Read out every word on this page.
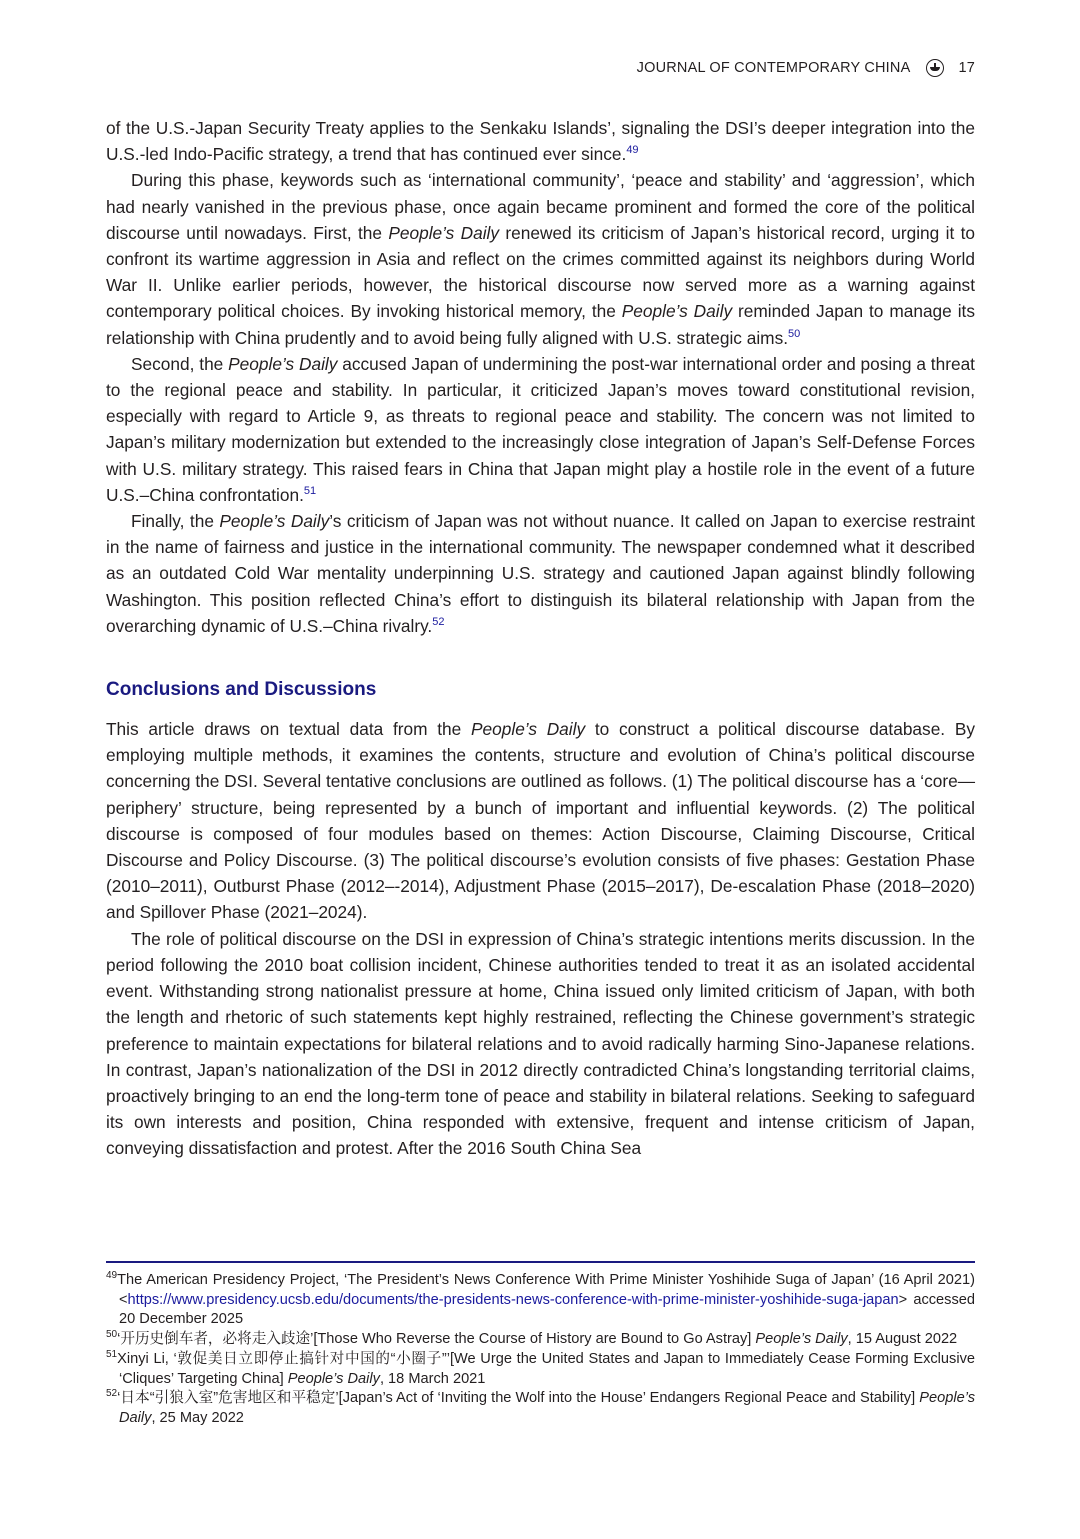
JOURNAL OF CONTEMPORARY CHINA	17

of the U.S.-Japan Security Treaty applies to the Senkaku Islands’, signaling the DSI’s deeper integration into the U.S.-led Indo-Pacific strategy, a trend that has continued ever since.$^{49}$

During this phase, keywords such as ‘international community’, ‘peace and stability’ and ‘aggression’, which had nearly vanished in the previous phase, once again became prominent and formed the core of the political discourse until nowadays. First, the People’s Daily renewed its criticism of Japan’s historical record, urging it to confront its wartime aggression in Asia and reflect on the crimes committed against its neighbors during World War II. Unlike earlier periods, however, the historical discourse now served more as a warning against contemporary political choices. By invoking historical memory, the People’s Daily reminded Japan to manage its relationship with China prudently and to avoid being fully aligned with U.S. strategic aims.$^{50}$

Second, the People’s Daily accused Japan of undermining the post-war international order and posing a threat to the regional peace and stability. In particular, it criticized Japan’s moves toward constitutional revision, especially with regard to Article 9, as threats to regional peace and stability. The concern was not limited to Japan’s military modernization but extended to the increasingly close integration of Japan’s Self-Defense Forces with U.S. military strategy. This raised fears in China that Japan might play a hostile role in the event of a future U.S.–China confrontation.$^{51}$

Finally, the People’s Daily’s criticism of Japan was not without nuance. It called on Japan to exercise restraint in the name of fairness and justice in the international community. The newspaper condemned what it described as an outdated Cold War mentality underpinning U.S. strategy and cautioned Japan against blindly following Washington. This position reflected China’s effort to distinguish its bilateral relationship with Japan from the overarching dynamic of U.S.–China rivalry.$^{52}$

Conclusions and Discussions

This article draws on textual data from the People’s Daily to construct a political discourse database. By employing multiple methods, it examines the contents, structure and evolution of China’s political discourse concerning the DSI. Several tentative conclusions are outlined as follows. (1) The political discourse has a ‘core—periphery’ structure, being represented by a bunch of important and influential keywords. (2) The political discourse is composed of four modules based on themes: Action Discourse, Claiming Discourse, Critical Discourse and Policy Discourse. (3) The political discourse’s evolution consists of five phases: Gestation Phase (2010–2011), Outburst Phase (2012–-2014), Adjustment Phase (2015–2017), De-escalation Phase (2018–2020) and Spillover Phase (2021–2024).

The role of political discourse on the DSI in expression of China’s strategic intentions merits discussion. In the period following the 2010 boat collision incident, Chinese authorities tended to treat it as an isolated accidental event. Withstanding strong nationalist pressure at home, China issued only limited criticism of Japan, with both the length and rhetoric of such statements kept highly restrained, reflecting the Chinese government’s strategic preference to maintain expectations for bilateral relations and to avoid radically harming Sino-Japanese relations. In contrast, Japan’s nationalization of the DSI in 2012 directly contradicted China’s longstanding territorial claims, proactively bringing to an end the long-term tone of peace and stability in bilateral relations. Seeking to safeguard its own interests and position, China responded with extensive, frequent and intense criticism of Japan, conveying dissatisfaction and protest. After the 2016 South China Sea

$^{49}$The American Presidency Project, ‘The President’s News Conference With Prime Minister Yoshihide Suga of Japan’ (16 April 2021) <https://www.presidency.ucsb.edu/documents/the-presidents-news-conference-with-prime-minister-yoshihide-suga-japan> accessed 20 December 2025

$^{50}$‘开历史倒车者，必将走入歧途’[Those Who Reverse the Course of History are Bound to Go Astray] People’s Daily, 15 August 2022

$^{51}$Xinyi Li, ‘敦促美日立即停止搞针对中国的“小圈子”’[We Urge the United States and Japan to Immediately Cease Forming Exclusive ‘Cliques’ Targeting China] People’s Daily, 18 March 2021

$^{52}$‘日本“引狼入室”危害地区和平稳定’[Japan’s Act of ‘Inviting the Wolf into the House’ Endangers Regional Peace and Stability] People’s Daily, 25 May 2022
